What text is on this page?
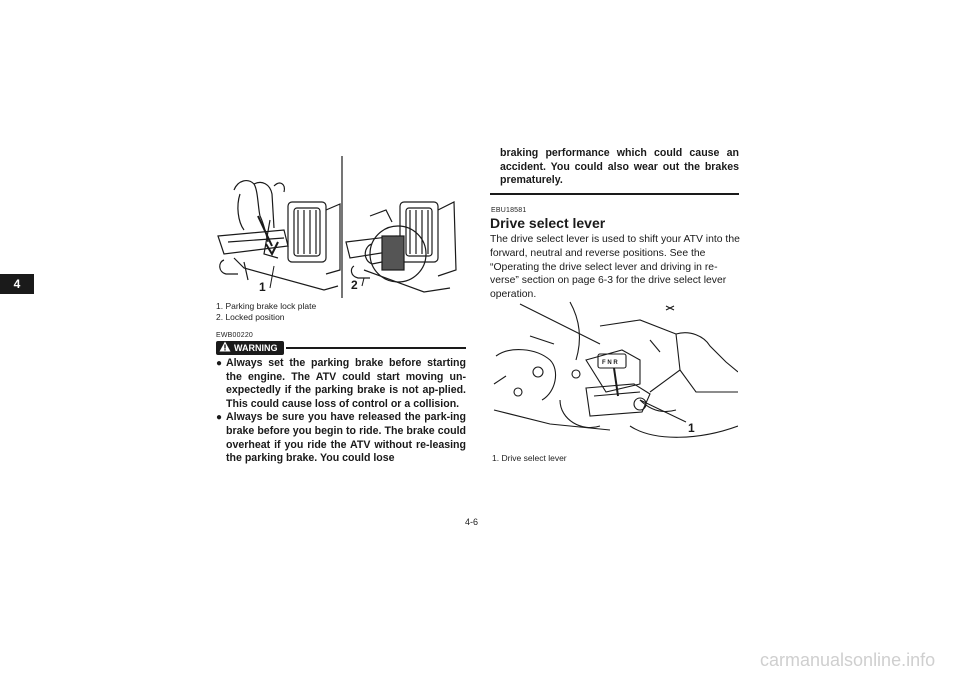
4	1	2
1. Parking brake lock plate
2. Locked position
EWB00220
WARNING
● Always set the parking brake before starting the engine. The ATV could start moving un-expectedly if the parking brake is not ap-plied. This could cause loss of control or a collision.
● Always be sure you have released the park-ing brake before you begin to ride. The brake could overheat if you ride the ATV without re-leasing the parking brake. You could lose
braking performance which could cause an accident. You could also wear out the brakes prematurely.
EBU18581
Drive select lever
The drive select lever is used to shift your ATV into the forward, neutral and reverse positions. See the “Operating the drive select lever and driving in re-verse” section on page 6-3 for the drive select lever operation.
F N R
1
1. Drive select lever
4-6
carmanualsonline.info
